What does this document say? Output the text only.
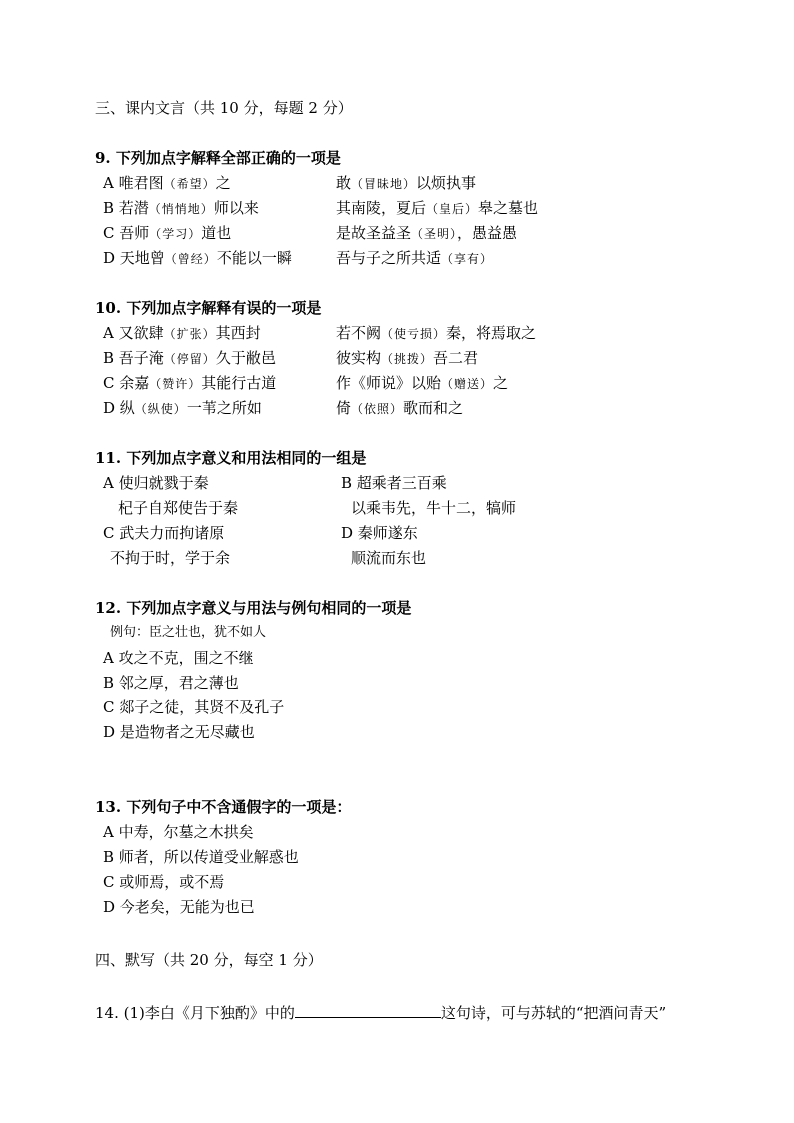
三、课内文言（共 10 分，每题 2 分）
9. 下列加点字解释全部正确的一项是
A 唯君图（希望）之	敢（冒昧地）以烦执事
B 若潜（悄悄地）师以来	其南陵，夏后（皇后）皋之墓也
C 吾师（学习）道也	是故圣益圣（圣明），愚益愚
D 天地曾（曾经）不能以一瞬	吾与子之所共适（享有）
10. 下列加点字解释有误的一项是
A 又欲肆（扩张）其西封	若不阙（使亏损）秦，将焉取之
B 吾子淹（停留）久于敝邑	彼实构（挑拨）吾二君
C 余嘉（赞许）其能行古道	作《师说》以贻（赠送）之
D 纵（纵使）一苇之所如	倚（依照）歌而和之
11. 下列加点字意义和用法相同的一组是
A 使归就戮于秦	B 超乘者三百乘
杞子自郑使告于秦	以乘韦先，牛十二，犒师
C 武夫力而拘诸原	D 秦师遂东
不拘于时，学于余	顺流而东也
12. 下列加点字意义与用法与例句相同的一项是
例句：臣之壮也，犹不如人
A 攻之不克，围之不继
B 邻之厚，君之薄也
C 郯子之徒，其贤不及孔子
D 是造物者之无尽藏也
13. 下列句子中不含通假字的一项是：
A 中寿，尔墓之木拱矣
B 师者，所以传道受业解惑也
C 或师焉，或不焉
D 今老矣，无能为也已
四、默写（共 20 分，每空 1 分）
14. (1)李白《月下独酌》中的	这句诗，可与苏轼的“把酒问青天”
